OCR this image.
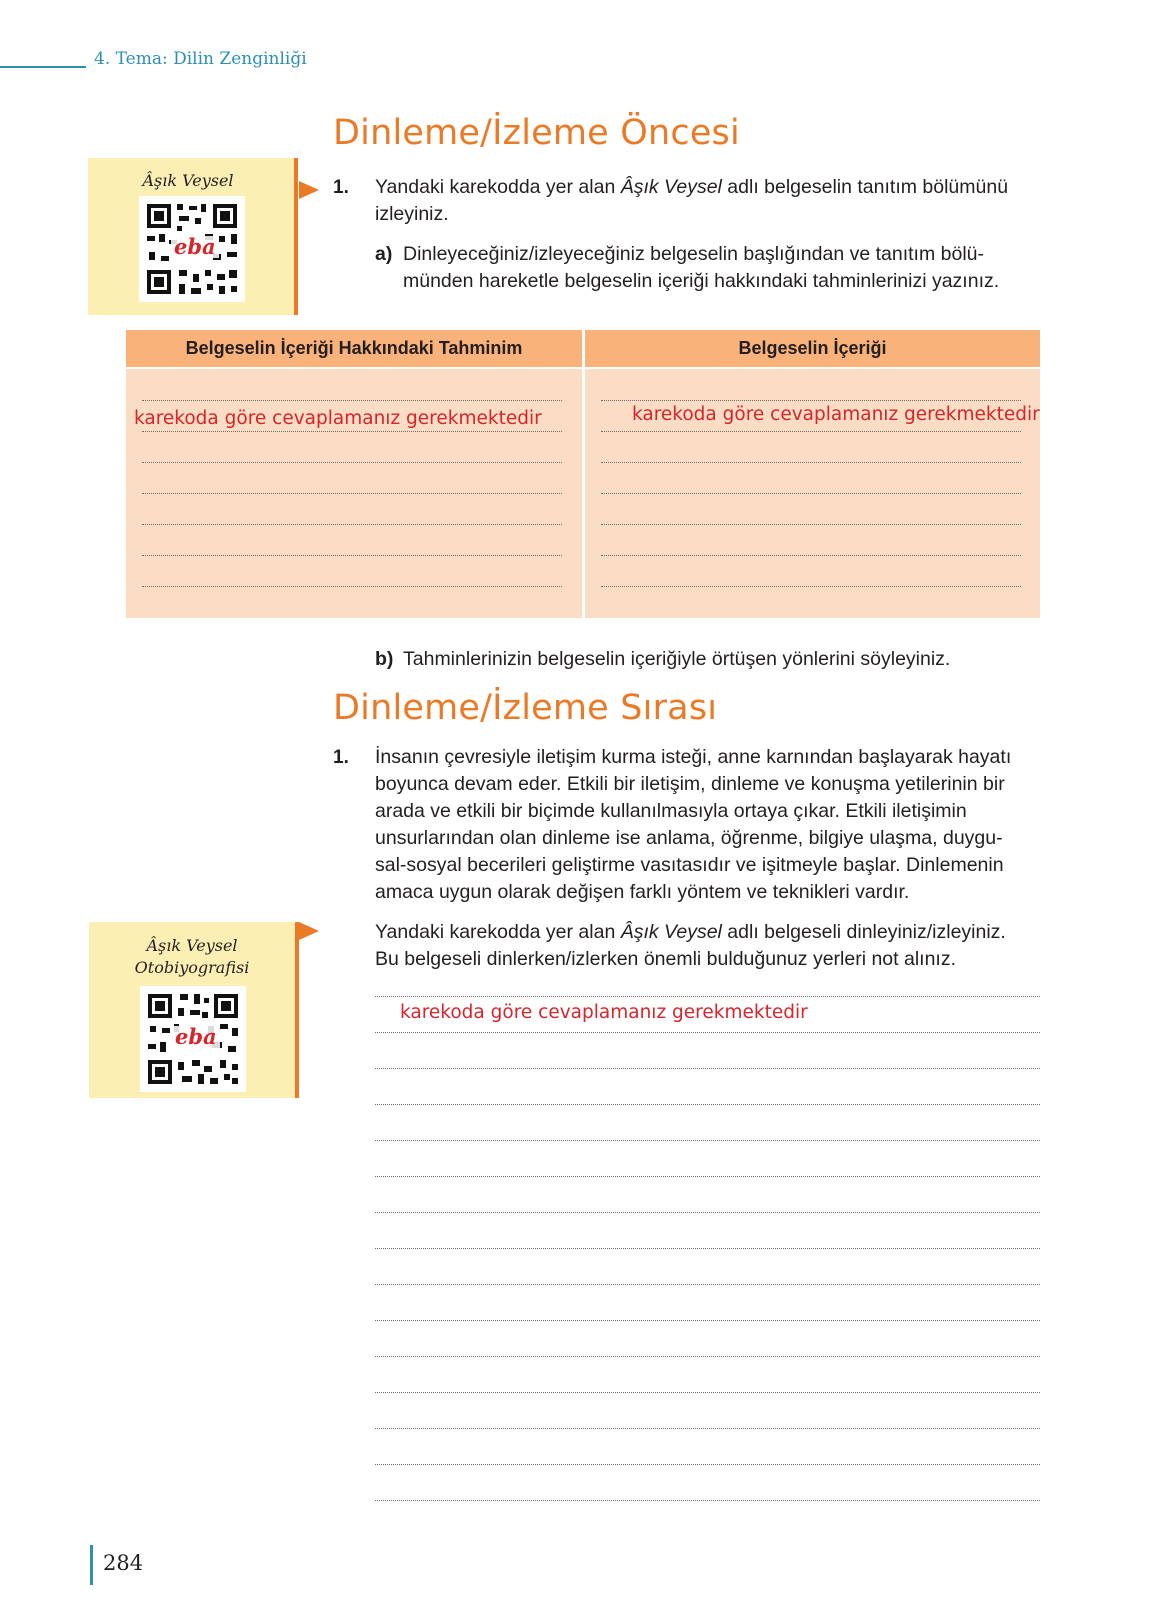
4. Tema: Dilin Zenginliği
Dinleme/İzleme Öncesi
Âşık Veysel
eba
1. Yandaki karekodda yer alan Âşık Veysel adlı belgeselin tanıtım bölümünü
izleyiniz.
a) Dinleyeceğiniz/izleyeceğiniz belgeselin başlığından ve tanıtım bölü-
münden hareketle belgeselin içeriği hakkındaki tahminlerinizi yazınız.
Belgeselin İçeriği Hakkındaki Tahminim	Belgeselin İçeriği
karekoda göre cevaplamanız gerekmektedir	karekoda göre cevaplamanız gerekmektedir
b) Tahminlerinizin belgeselin içeriğiyle örtüşen yönlerini söyleyiniz.
Dinleme/İzleme Sırası
1. İnsanın çevresiyle iletişim kurma isteği, anne karnından başlayarak hayatı
boyunca devam eder. Etkili bir iletişim, dinleme ve konuşma yetilerinin bir
arada ve etkili bir biçimde kullanılmasıyla ortaya çıkar. Etkili iletişimin
unsurlarından olan dinleme ise anlama, öğrenme, bilgiye ulaşma, duygu-
sal-sosyal becerileri geliştirme vasıtasıdır ve işitmeyle başlar. Dinlemenin
amaca uygun olarak değişen farklı yöntem ve teknikleri vardır.
Yandaki karekodda yer alan Âşık Veysel adlı belgeseli dinleyiniz/izleyiniz.
Bu belgeseli dinlerken/izlerken önemli bulduğunuz yerleri not alınız.
Âşık Veysel
Otobiyografisi
eba
karekoda göre cevaplamanız gerekmektedir
284
